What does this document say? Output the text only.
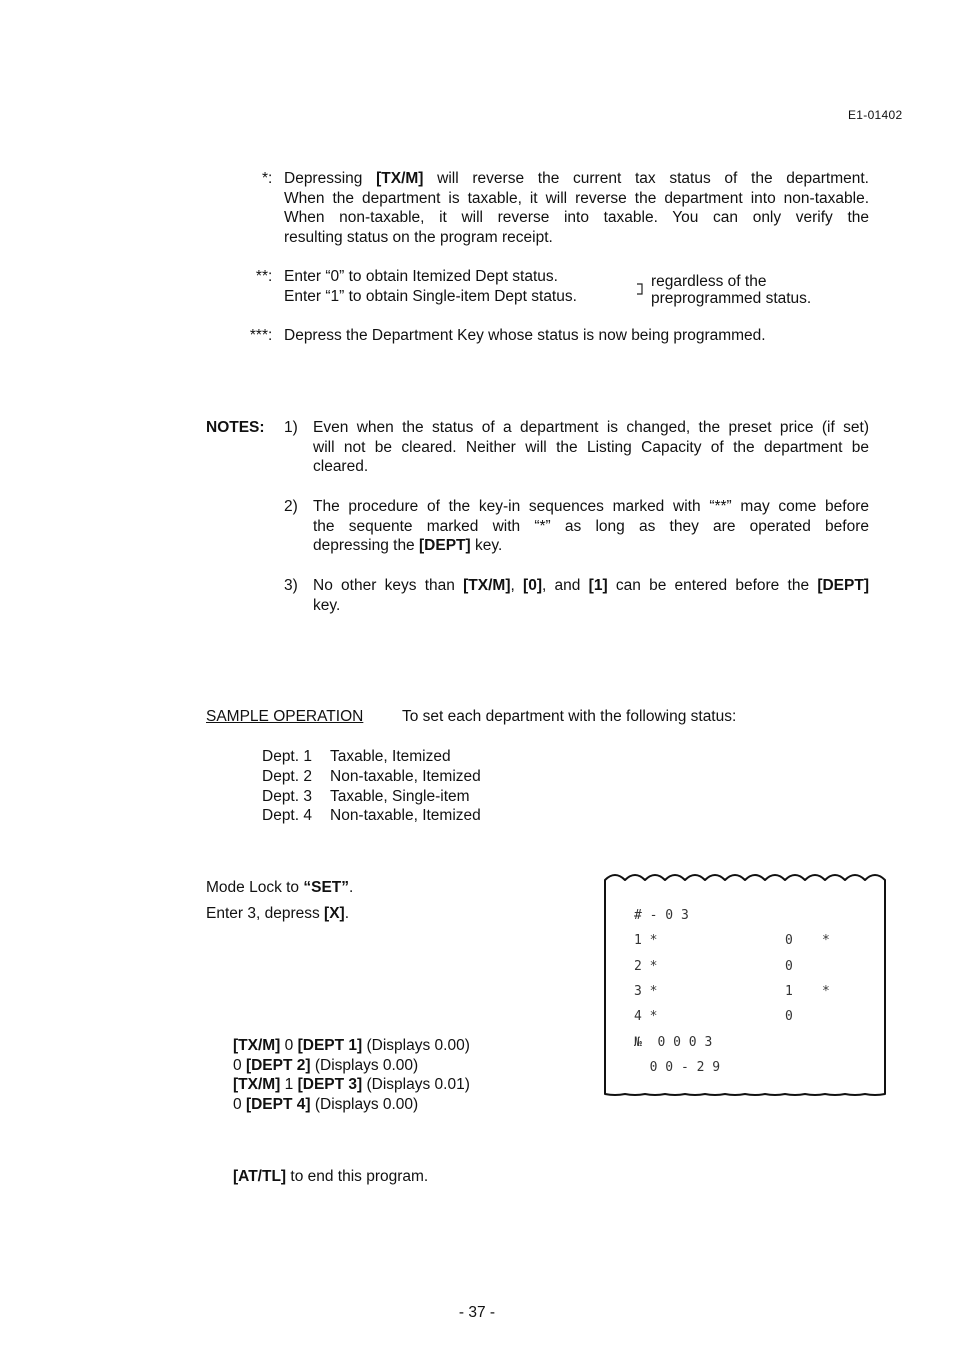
E1-01402
* : Depressing [TX/M] will reverse the current tax status of the department.
When the department is taxable, it will reverse the department into non-taxable.
When non-taxable, it will reverse into taxable. You can only verify the
resulting status on the program receipt.
** : Enter “0” to obtain Itemized Dept status.
Enter “1” to obtain Single-item Dept status.
regardless of the
preprogrammed status.
*** : Depress the Department Key whose status is now being programmed.
NOTES: 1) Even when the status of a department is changed, the preset price (if set)
will not be cleared. Neither will the Listing Capacity of the department be
cleared.
2) The procedure of the key-in sequences marked with “**” may come before
the sequente marked with “*” as long as they are operated before
depressing the [DEPT] key.
3) No other keys than [TX/M], [0], and [1] can be entered before the [DEPT]
key.
SAMPLE OPERATION To set each department with the following status:
Dept. 1 Taxable, Itemized
Dept. 2 Non-taxable, Itemized
Dept. 3 Taxable, Single-item
Dept. 4 Non-taxable, Itemized
Mode Lock to “SET”.
Enter 3, depress [X].
[TX/M] 0 [DEPT 1] (Displays 0.00)
0 [DEPT 2] (Displays 0.00)
[TX/M] 1 [DEPT 3] (Displays 0.01)
0 [DEPT 4] (Displays 0.00)
[AT/TL] to end this program.
# - 0 3
1 *	0 *
2 *	0
3 *	1 *
4 *	0
№  0 0 0 3
0 0 - 2 9
- 37 -
